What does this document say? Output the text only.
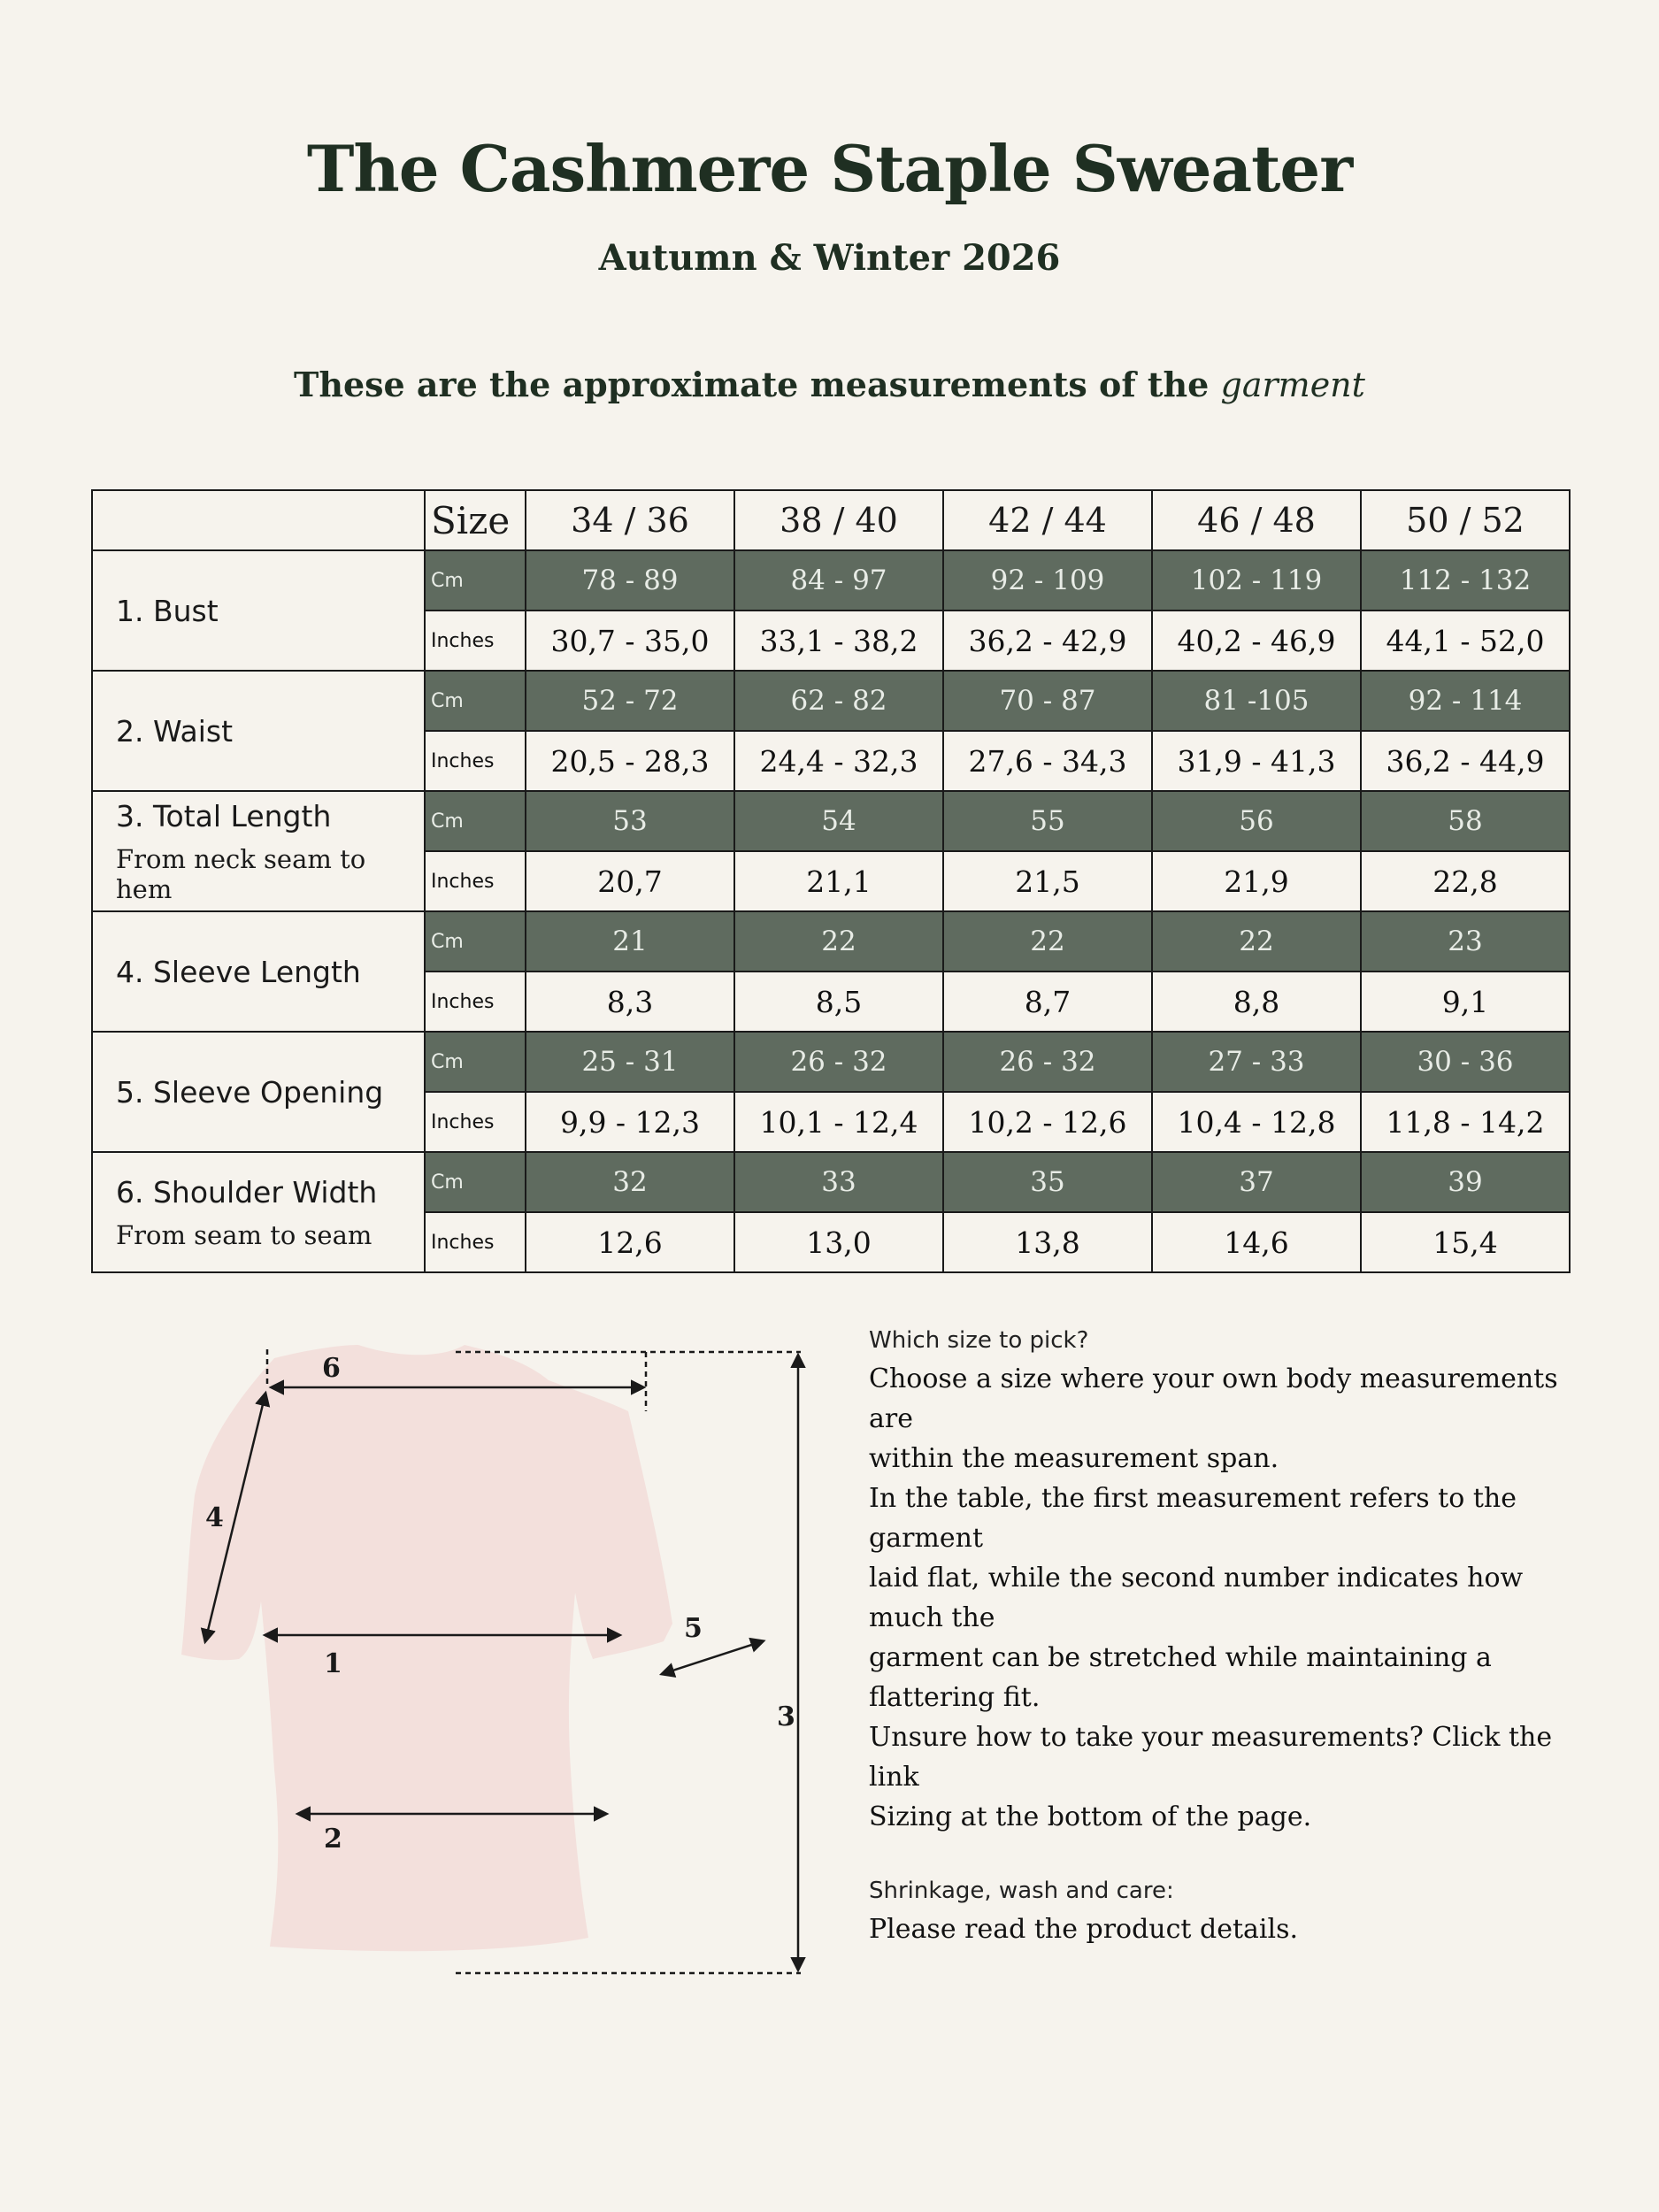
The Cashmere Staple Sweater
Autumn & Winter 2026
These are the approximate measurements of the garment
	Size	34 / 36	38 / 40	42 / 44	46 / 48	50 / 52
1. Bust	Cm	78 - 89	84 - 97	92 - 109	102 - 119	112 - 132
	Inches	30,7 - 35,0	33,1 - 38,2	36,2 - 42,9	40,2 - 46,9	44,1 - 52,0
2. Waist	Cm	52 - 72	62 - 82	70 - 87	81 -105	92 - 114
	Inches	20,5 - 28,3	24,4 - 32,3	27,6 - 34,3	31,9 - 41,3	36,2 - 44,9
3. Total Length
From neck seam to hem	Cm	53	54	55	56	58
	Inches	20,7	21,1	21,5	21,9	22,8
4. Sleeve Length	Cm	21	22	22	22	23
	Inches	8,3	8,5	8,7	8,8	9,1
5. Sleeve Opening	Cm	25 - 31	26 - 32	26 - 32	27 - 33	30 - 36
	Inches	9,9 - 12,3	10,1 - 12,4	10,2 - 12,6	10,4 - 12,8	11,8 - 14,2
6. Shoulder Width
From seam to seam	Cm	32	33	35	37	39
	Inches	12,6	13,0	13,8	14,6	15,4
6
4
1
5
2
3

Which size to pick?

Choose a size where your own body measurements are

within the measurement span.

In the table, the first measurement refers to the garment

laid flat, while the second number indicates how much the

garment can be stretched while maintaining a flattering fit.

Unsure how to take your measurements? Click the link

Sizing at the bottom of the page.

Shrinkage, wash and care:

Please read the product details.
